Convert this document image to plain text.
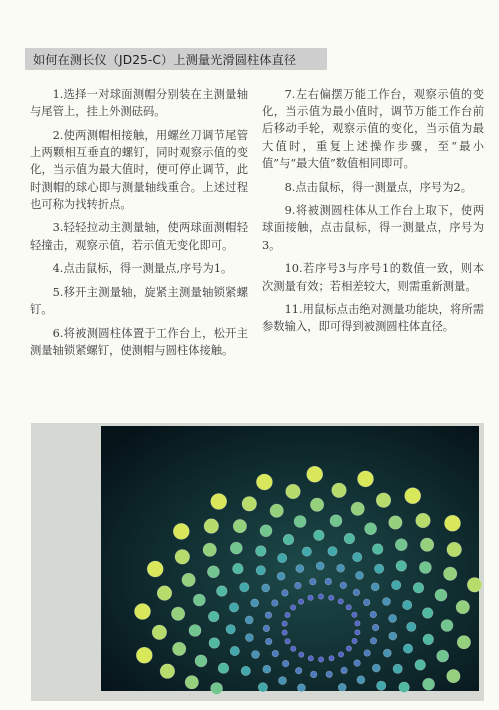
如何在测长仪（JD25-C）上测量光滑圆柱体直径

1.选择一对球面测帽分别装在主测量轴与尾管上，挂上外测砝码。

2.使两测帽相接触，用螺丝刀调节尾管上两颗相互垂直的螺钉，同时观察示值的变化，当示值为最大值时，便可停止调节，此时测帽的球心即与测量轴线重合。上述过程也可称为找转折点。

3.轻轻拉动主测量轴，使两球面测帽轻轻撞击，观察示值，若示值无变化即可。

4.点击鼠标，得一测量点,序号为1。

5.移开主测量轴，旋紧主测量轴锁紧螺钉。

6.将被测圆柱体置于工作台上，松开主测量轴锁紧螺钉，使测帽与圆柱体接触。

7.左右偏摆万能工作台，观察示值的变化，当示值为最小值时，调节万能工作台前后移动手轮，观察示值的变化，当示值为最大值时，重复上述操作步骤，至“最小值”与“最大值”数值相同即可。

8.点击鼠标，得一测量点，序号为2。

9.将被测圆柱体从工作台上取下，使两球面接触，点击鼠标，得一测量点，序号为3。

10.若序号3与序号1的数值一致，则本次测量有效；若相差较大，则需重新测量。

11.用鼠标点击绝对测量功能块，将所需参数输入，即可得到被测圆柱体直径。
